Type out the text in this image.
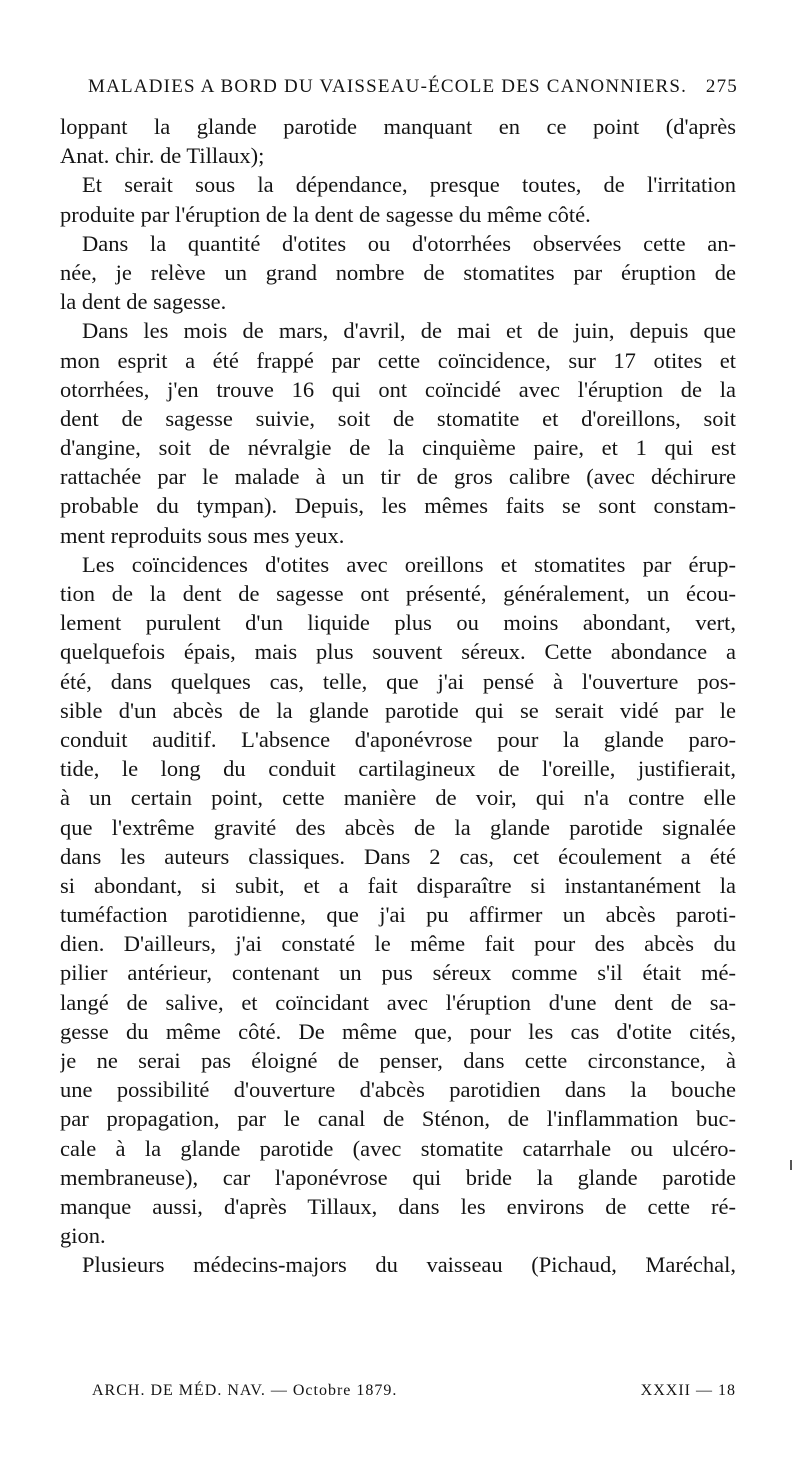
MALADIES A BORD DU VAISSEAU-ÉCOLE DES CANONNIERS. 275
loppant la glande parotide manquant en ce point (d'après
Anat. chir. de Tillaux);
Et serait sous la dépendance, presque toutes, de l'irritation
produite par l'éruption de la dent de sagesse du même côté.
Dans la quantité d'otites ou d'otorrhées observées cette an-
née, je relève un grand nombre de stomatites par éruption de
la dent de sagesse.
Dans les mois de mars, d'avril, de mai et de juin, depuis que
mon esprit a été frappé par cette coïncidence, sur 17 otites et
otorrhées, j'en trouve 16 qui ont coïncidé avec l'éruption de la
dent de sagesse suivie, soit de stomatite et d'oreillons, soit
d'angine, soit de névralgie de la cinquième paire, et 1 qui est
rattachée par le malade à un tir de gros calibre (avec déchirure
probable du tympan). Depuis, les mêmes faits se sont constam-
ment reproduits sous mes yeux.
Les coïncidences d'otites avec oreillons et stomatites par érup-
tion de la dent de sagesse ont présenté, généralement, un écou-
lement purulent d'un liquide plus ou moins abondant, vert,
quelquefois épais, mais plus souvent séreux. Cette abondance a
été, dans quelques cas, telle, que j'ai pensé à l'ouverture pos-
sible d'un abcès de la glande parotide qui se serait vidé par le
conduit auditif. L'absence d'aponévrose pour la glande paro-
tide, le long du conduit cartilagineux de l'oreille, justifierait,
à un certain point, cette manière de voir, qui n'a contre elle
que l'extrême gravité des abcès de la glande parotide signalée
dans les auteurs classiques. Dans 2 cas, cet écoulement a été
si abondant, si subit, et a fait disparaître si instantanément la
tuméfaction parotidienne, que j'ai pu affirmer un abcès paroti-
dien. D'ailleurs, j'ai constaté le même fait pour des abcès du
pilier antérieur, contenant un pus séreux comme s'il était mé-
langé de salive, et coïncidant avec l'éruption d'une dent de sa-
gesse du même côté. De même que, pour les cas d'otite cités,
je ne serai pas éloigné de penser, dans cette circonstance, à
une possibilité d'ouverture d'abcès parotidien dans la bouche
par propagation, par le canal de Sténon, de l'inflammation buc-
cale à la glande parotide (avec stomatite catarrhale ou ulcéro-
membraneuse), car l'aponévrose qui bride la glande parotide
manque aussi, d'après Tillaux, dans les environs de cette ré-
gion.
Plusieurs médecins-majors du vaisseau (Pichaud, Maréchal,
ARCH. DE MÉD. NAV. — Octobre 1879.	XXXII — 18
